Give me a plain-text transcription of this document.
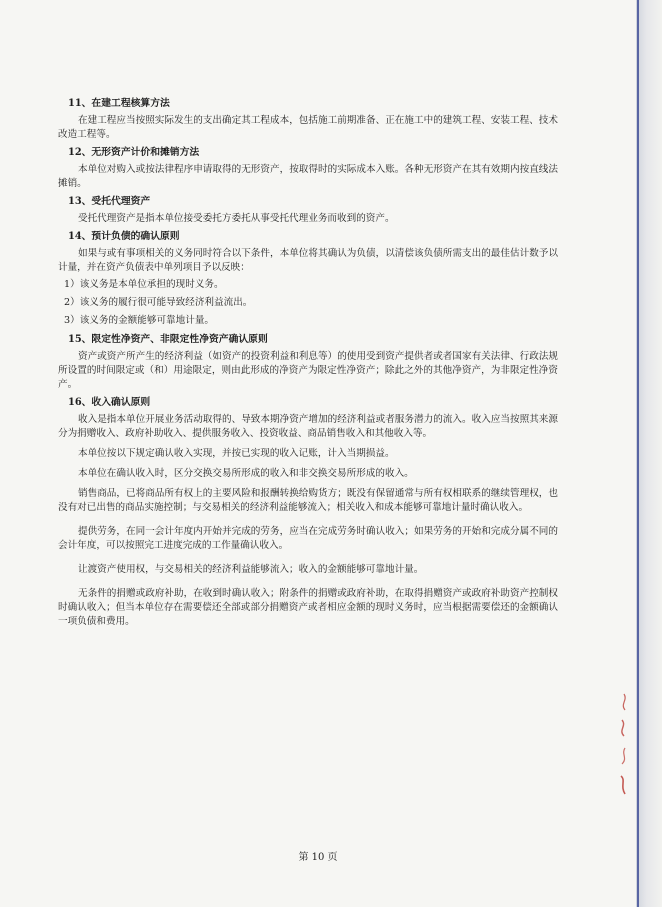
11、在建工程核算方法

在建工程应当按照实际发生的支出确定其工程成本，包括施工前期准备、正在施工中的建筑工程、安装工程、技术改造工程等。

12、无形资产计价和摊销方法

本单位对购入或按法律程序申请取得的无形资产，按取得时的实际成本入账。各种无形资产在其有效期内按直线法摊销。

13、受托代理资产

受托代理资产是指本单位接受委托方委托从事受托代理业务而收到的资产。

14、预计负债的确认原则

如果与或有事项相关的义务同时符合以下条件，本单位将其确认为负债，以清偿该负债所需支出的最佳估计数予以计量，并在资产负债表中单列项目予以反映：

1）该义务是本单位承担的现时义务。

2）该义务的履行很可能导致经济利益流出。

3）该义务的金额能够可靠地计量。

15、限定性净资产、非限定性净资产确认原则

资产或资产所产生的经济利益（如资产的投资利益和利息等）的使用受到资产提供者或者国家有关法律、行政法规所设置的时间限定或（和）用途限定，则由此形成的净资产为限定性净资产；除此之外的其他净资产，为非限定性净资产。

16、收入确认原则

收入是指本单位开展业务活动取得的、导致本期净资产增加的经济利益或者服务潜力的流入。收入应当按照其来源分为捐赠收入、政府补助收入、提供服务收入、投资收益、商品销售收入和其他收入等。

本单位按以下规定确认收入实现，并按已实现的收入记账，计入当期损益。

本单位在确认收入时，区分交换交易所形成的收入和非交换交易所形成的收入。

销售商品，已将商品所有权上的主要风险和报酬转换给购货方；既没有保留通常与所有权相联系的继续管理权，也没有对已出售的商品实施控制；与交易相关的经济利益能够流入；相关收入和成本能够可靠地计量时确认收入。

提供劳务，在同一会计年度内开始并完成的劳务，应当在完成劳务时确认收入；如果劳务的开始和完成分属不同的会计年度，可以按照完工进度完成的工作量确认收入。

让渡资产使用权，与交易相关的经济利益能够流入；收入的金额能够可靠地计量。

无条件的捐赠或政府补助，在收到时确认收入；附条件的捐赠或政府补助，在取得捐赠资产或政府补助资产控制权时确认收入；但当本单位存在需要偿还全部或部分捐赠资产或者相应金额的现时义务时，应当根据需要偿还的金额确认一项负债和费用。

第 10 页
